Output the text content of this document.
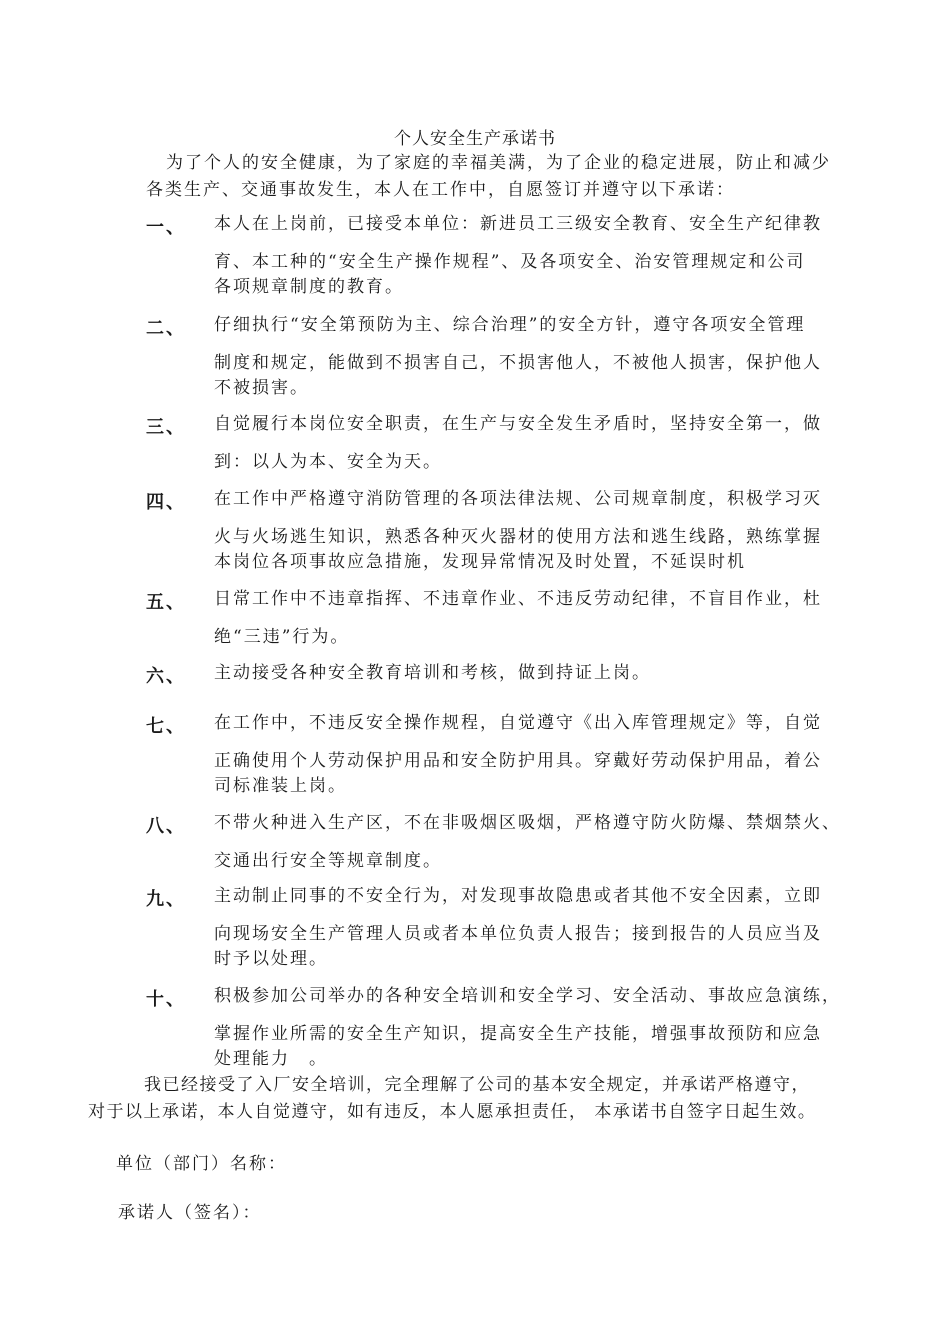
个人安全生产承诺书
为了个人的安全健康，为了家庭的幸福美满，为了企业的稳定进展，防止和减少
各类生产、交通事故发生，本人在工作中，自愿签订并遵守以下承诺：
一、 本人在上岗前，已接受本单位：新进员工三级安全教育、安全生产纪律教
育、本工种的“安全生产操作规程”、及各项安全、治安管理规定和公司
各项规章制度的教育。
二、 仔细执行“安全第预防为主、综合治理”的安全方针，遵守各项安全管理
制度和规定，能做到不损害自己，不损害他人，不被他人损害，保护他人
不被损害。
三、 自觉履行本岗位安全职责，在生产与安全发生矛盾时，坚持安全第一，做
到：以人为本、安全为天。
四、 在工作中严格遵守消防管理的各项法律法规、公司规章制度，积极学习灭
火与火场逃生知识，熟悉各种灭火器材的使用方法和逃生线路，熟练掌握
本岗位各项事故应急措施，发现异常情况及时处置，不延误时机
五、 日常工作中不违章指挥、不违章作业、不违反劳动纪律，不盲目作业，杜
绝“三违”行为。
六、 主动接受各种安全教育培训和考核，做到持证上岗。
七、 在工作中，不违反安全操作规程，自觉遵守《出入库管理规定》等，自觉
正确使用个人劳动保护用品和安全防护用具。穿戴好劳动保护用品，着公
司标准装上岗。
八、 不带火种进入生产区，不在非吸烟区吸烟，严格遵守防火防爆、禁烟禁火、
交通出行安全等规章制度。
九、 主动制止同事的不安全行为，对发现事故隐患或者其他不安全因素，立即
向现场安全生产管理人员或者本单位负责人报告；接到报告的人员应当及
时予以处理。
十、 积极参加公司举办的各种安全培训和安全学习、安全活动、事故应急演练，
掌握作业所需的安全生产知识，提高安全生产技能，增强事故预防和应急
处理能力　。
我已经接受了入厂安全培训，完全理解了公司的基本安全规定，并承诺严格遵守，
对于以上承诺，本人自觉遵守，如有违反，本人愿承担责任， 本承诺书自签字日起生效。
单位（部门）名称：
承诺人（签名）：
